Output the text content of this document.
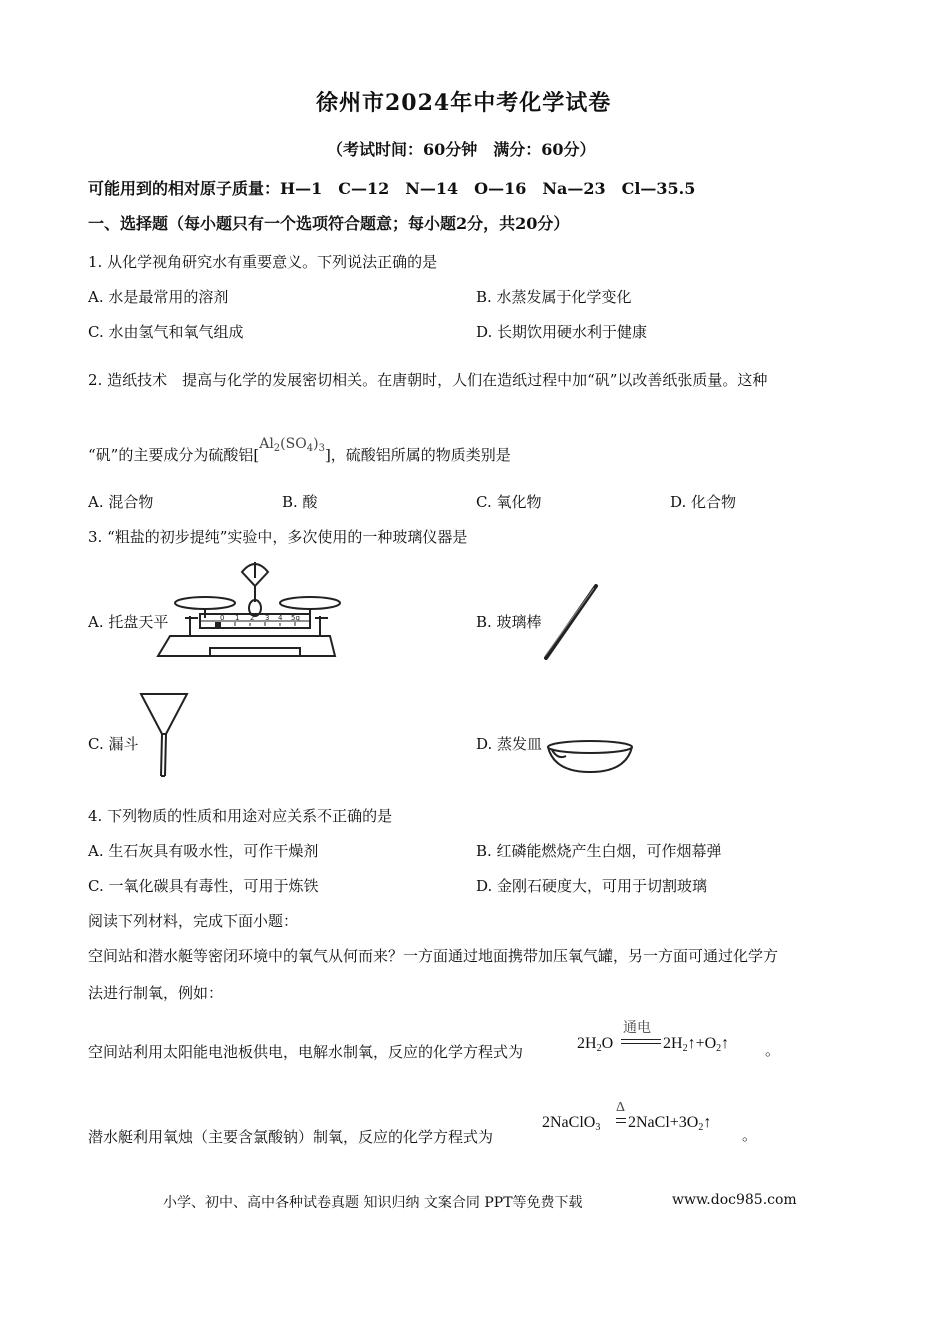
徐州市2024年中考化学试卷
（考试时间：60分钟　满分：60分）
可能用到的相对原子质量：H—1　C—12　N—14　O—16　Na—23　Cl—35.5
一、选择题（每小题只有一个选项符合题意；每小题2分，共20分）
1. 从化学视角研究水有重要意义。下列说法正确的是
A. 水是最常用的溶剂	B. 水蒸发属于化学变化
C. 水由氢气和氧气组成	D. 长期饮用硬水利于健康
2. 造纸技术　提高与化学的发展密切相关。在唐朝时，人们在造纸过程中加“矾”以改善纸张质量。这种
“矾”的主要成分为硫酸铝$[Al_2(SO_4)_3]$，硫酸铝所属的物质类别是
A. 混合物	B. 酸	C. 氧化物	D. 化合物
3. “粗盐的初步提纯”实验中，多次使用的一种玻璃仪器是
A. 托盘天平	B. 玻璃棒
C. 漏斗	D. 蒸发皿
0 1 2 3 4 5g
4. 下列物质的性质和用途对应关系不正确的是
A. 生石灰具有吸水性，可作干燥剂	B. 红磷能燃烧产生白烟，可作烟幕弹
C. 一氧化碳具有毒性，可用于炼铁	D. 金刚石硬度大，可用于切割玻璃
阅读下列材料，完成下面小题：
空间站和潜水艇等密闭环境中的氧气从何而来？一方面通过地面携带加压氧气罐，另一方面可通过化学方
法进行制氧，例如：
空间站利用太阳能电池板供电，电解水制氧，反应的化学方程式为
通电
$2H_2O$	$2H_2↑+O_2↑$ 。
潜水艇利用氧烛（主要含氯酸钠）制氧，反应的化学方程式为
Δ
2NaClO$_3$ $2NaCl+3O_2↑$
。
小学、初中、高中各种试卷真题 知识归纳 文案合同 PPT等免费下载	www.doc985.com
